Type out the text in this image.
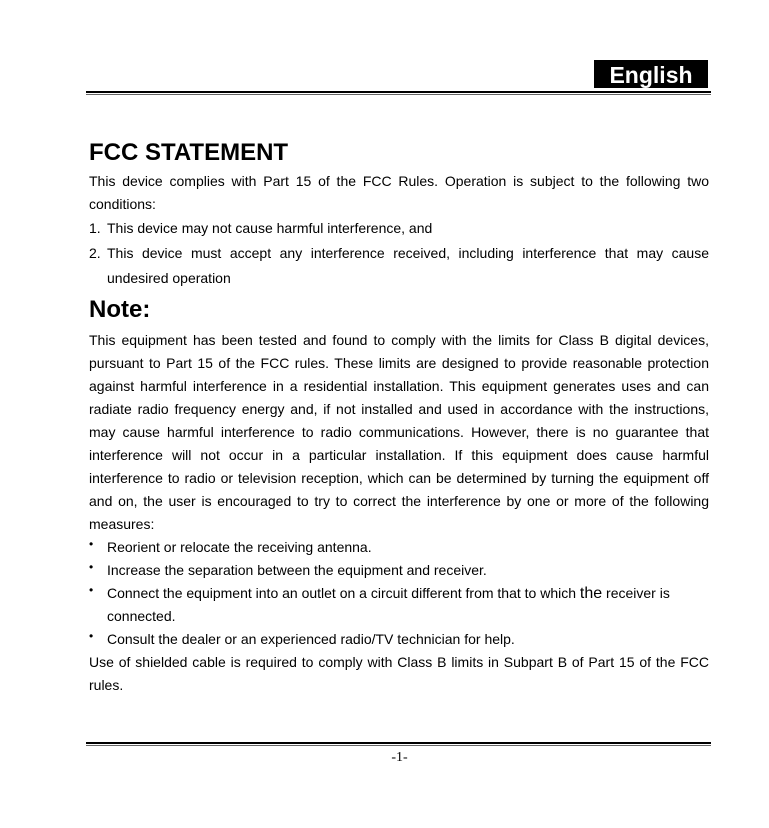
English
FCC STATEMENT

This device complies with Part 15 of the FCC Rules. Operation is subject to the following two conditions:

1. This device may not cause harmful interference, and
2. This device must accept any interference received, including interference that may cause undesired operation
Note:

This equipment has been tested and found to comply with the limits for Class B digital devices, pursuant to Part 15 of the FCC rules. These limits are designed to provide reasonable protection against harmful interference in a residential installation. This equipment generates uses and can radiate radio frequency energy and, if not installed and used in accordance with the instructions, may cause harmful interference to radio communications. However, there is no guarantee that interference will not occur in a particular installation. If this equipment does cause harmful interference to radio or television reception, which can be determined by turning the equipment off and on, the user is encouraged to try to correct the interference by one or more of the following measures:

• Reorient or relocate the receiving antenna.
• Increase the separation between the equipment and receiver.
• Connect the equipment into an outlet on a circuit different from that to which the receiver is connected.
• Consult the dealer or an experienced radio/TV technician for help.

Use of shielded cable is required to comply with Class B limits in Subpart B of Part 15 of the FCC rules.

-1-
